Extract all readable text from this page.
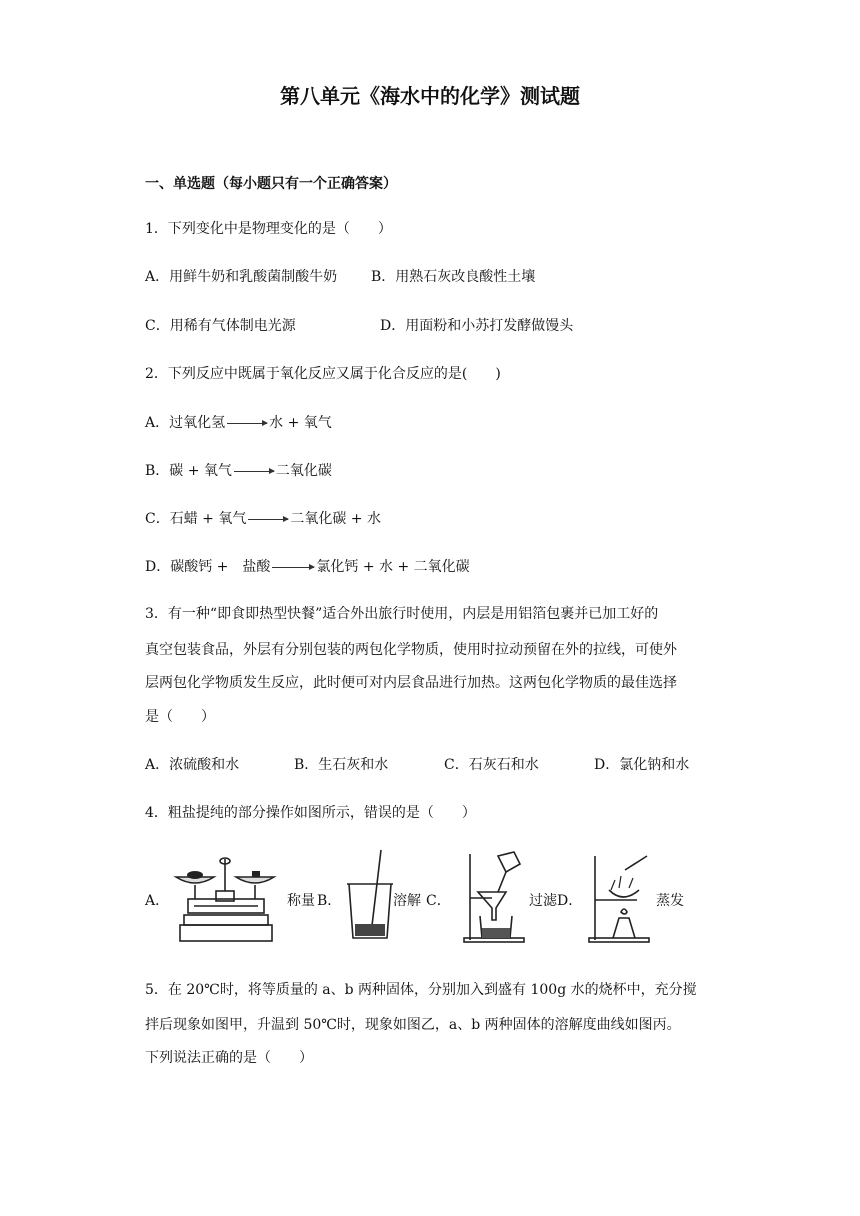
第八单元《海水中的化学》测试题
一、单选题（每小题只有一个正确答案）
1．下列变化中是物理变化的是（　　）
A．用鲜牛奶和乳酸菌制酸牛奶 B．用熟石灰改良酸性土壤
C．用稀有气体制电光源	D．用面粉和小苏打发酵做馒头
2．下列反应中既属于氧化反应又属于化合反应的是(　　)
A．过氧化氢 → 水 + 氧气
B．碳 + 氧气 → 二氧化碳
C．石蜡 + 氧气 → 二氧化碳 + 水
D．碳酸钙 +　盐酸 → 氯化钙 + 水 + 二氧化碳
3．有一种“即食即热型快餐”适合外出旅行时使用，内层是用铝箔包裹并已加工好的
真空包装食品，外层有分别包装的两包化学物质，使用时拉动预留在外的拉线，可使外
层两包化学物质发生反应，此时便可对内层食品进行加热。这两包化学物质的最佳选择
是（　　）
A．浓硫酸和水	B．生石灰和水	C．石灰石和水	D．氯化钠和水
4．粗盐提纯的部分操作如图所示，错误的是（　　）
A．	称量 B．	溶解 C．	过滤 D．	蒸发
5．在 20℃时，将等质量的 a、b 两种固体，分别加入到盛有 100g 水的烧杯中，充分搅
拌后现象如图甲，升温到 50℃时，现象如图乙，a、b 两种固体的溶解度曲线如图丙。
下列说法正确的是（　　）
